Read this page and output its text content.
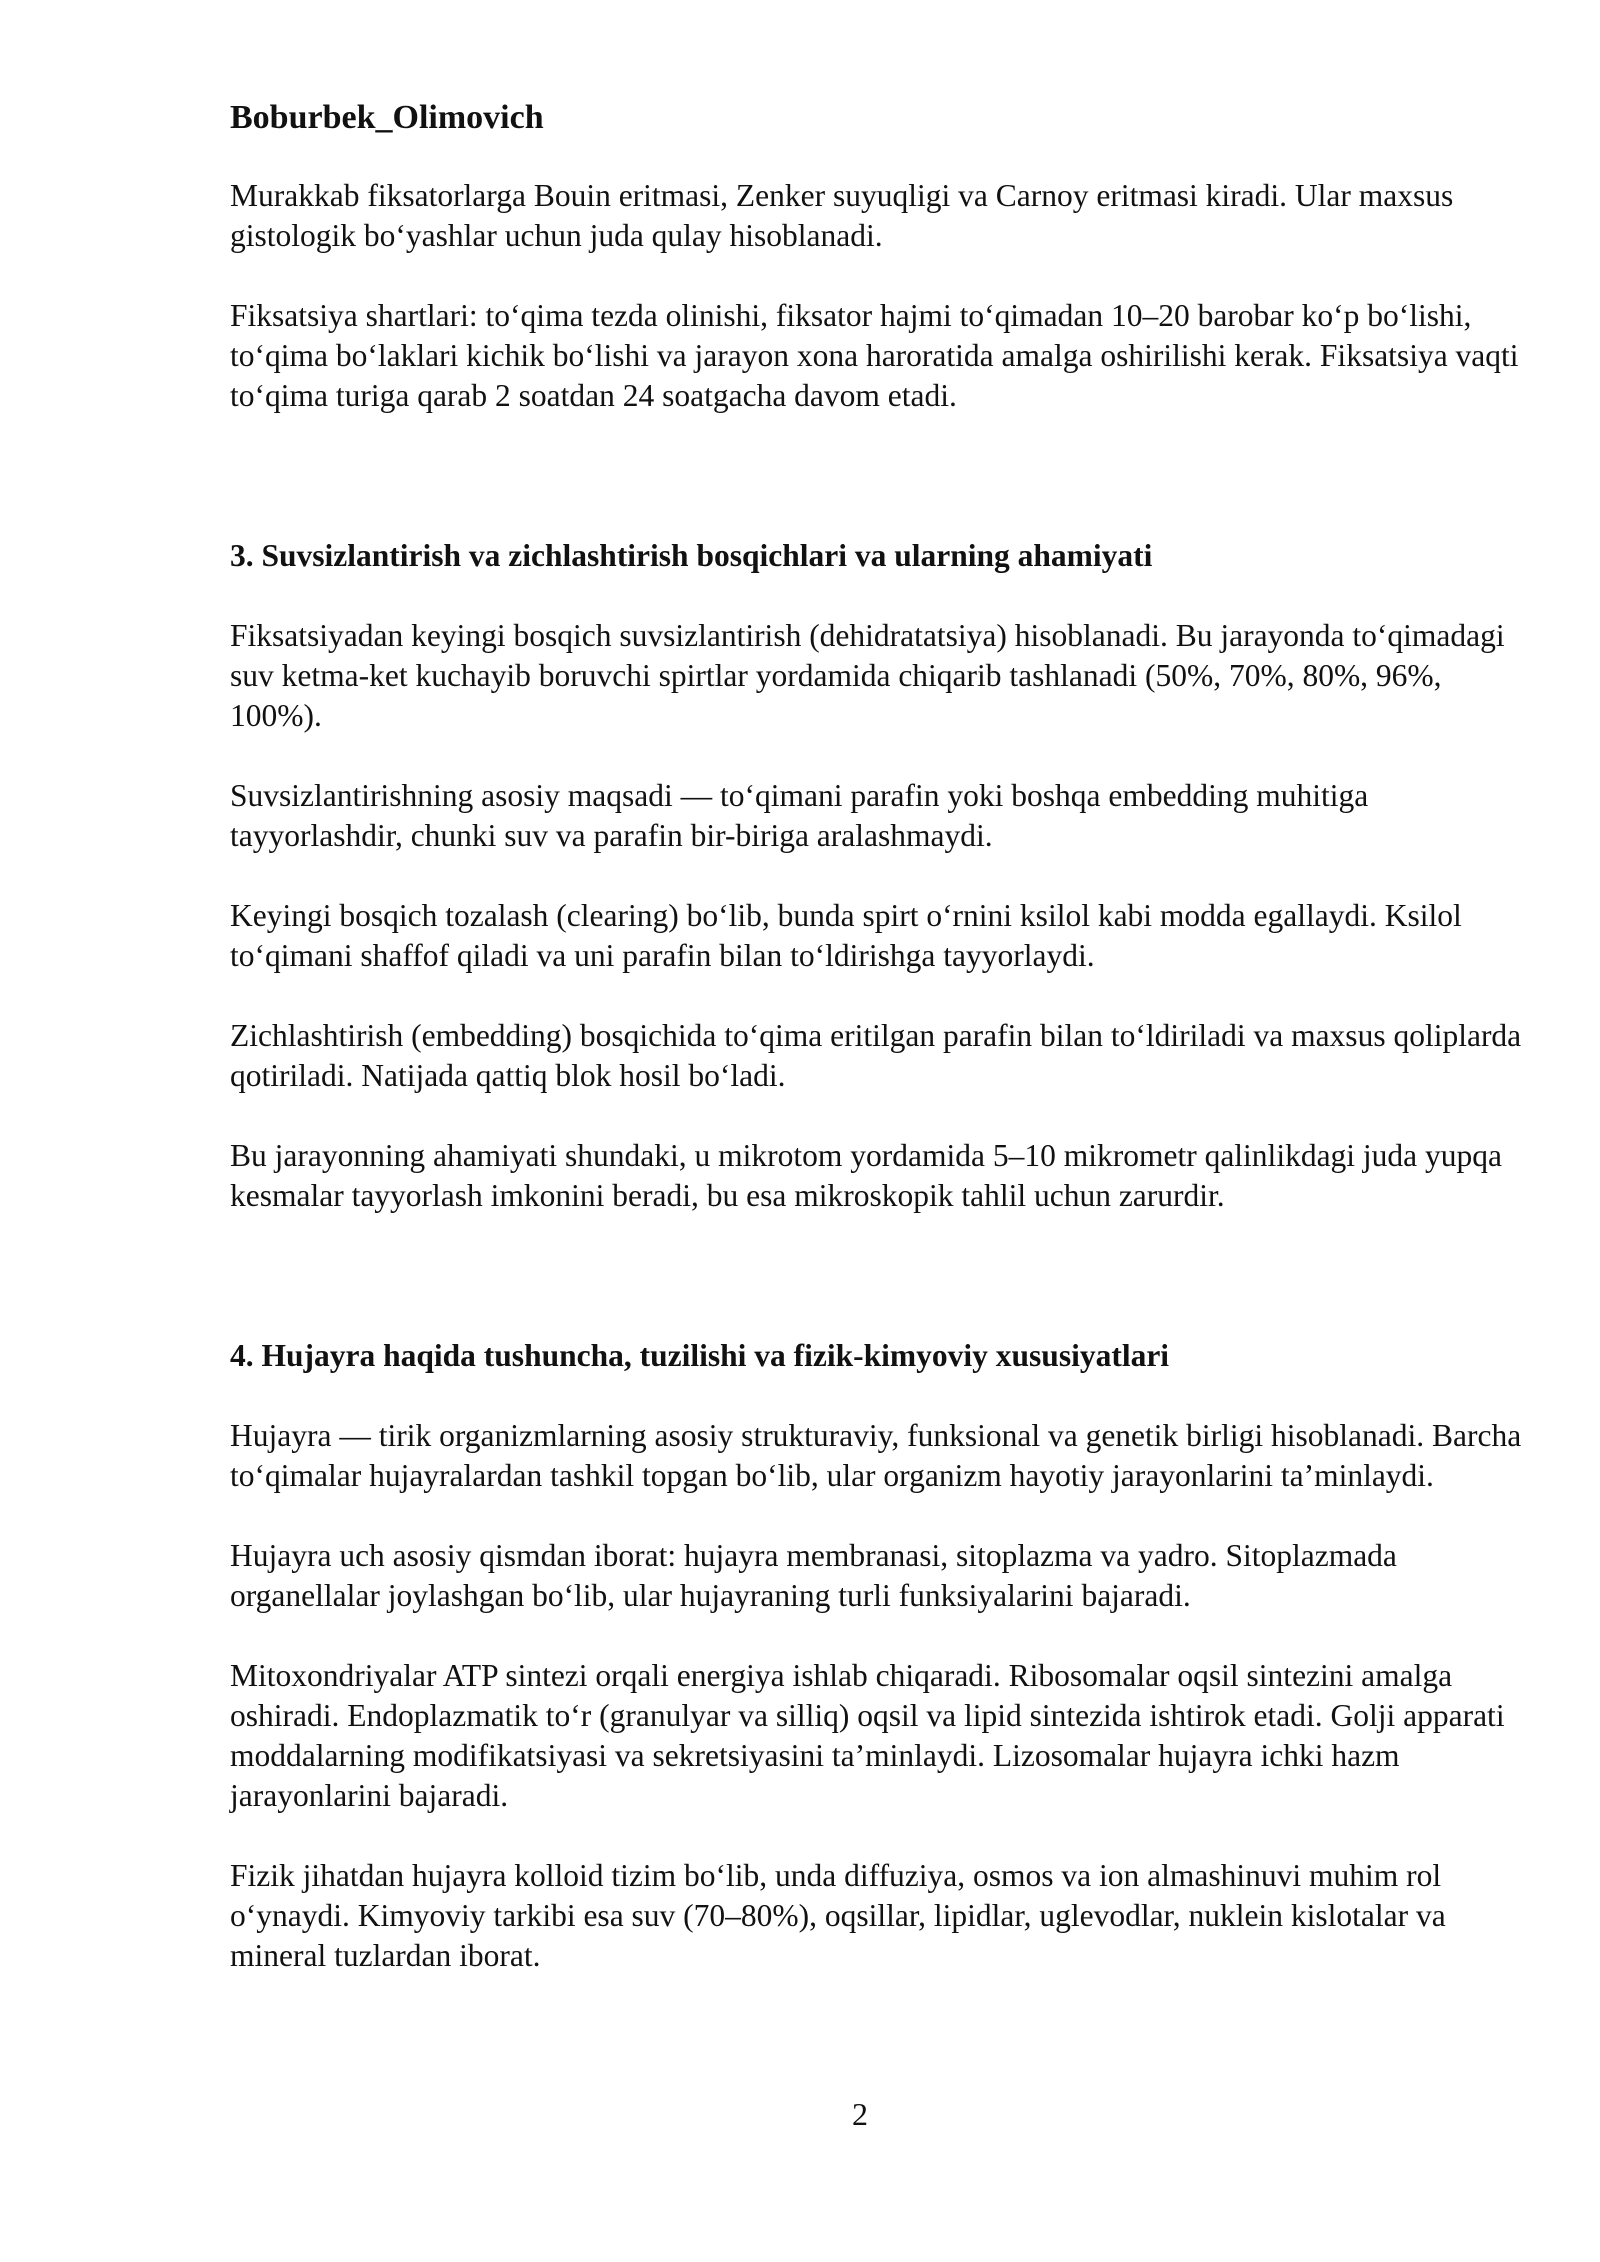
Boburbek_Olimovich

Murakkab fiksatorlarga Bouin eritmasi, Zenker suyuqligi va Carnoy eritmasi kiradi. Ular maxsus gistologik bo‘yashlar uchun juda qulay hisoblanadi.

Fiksatsiya shartlari: to‘qima tezda olinishi, fiksator hajmi to‘qimadan 10–20 barobar ko‘p bo‘lishi, to‘qima bo‘laklari kichik bo‘lishi va jarayon xona haroratida amalga oshirilishi kerak. Fiksatsiya vaqti to‘qima turiga qarab 2 soatdan 24 soatgacha davom etadi.

3. Suvsizlantirish va zichlashtirish bosqichlari va ularning ahamiyati

Fiksatsiyadan keyingi bosqich suvsizlantirish (dehidratatsiya) hisoblanadi. Bu jarayonda to‘qimadagi suv ketma-ket kuchayib boruvchi spirtlar yordamida chiqarib tashlanadi (50%, 70%, 80%, 96%, 100%).

Suvsizlantirishning asosiy maqsadi — to‘qimani parafin yoki boshqa embedding muhitiga tayyorlashdir, chunki suv va parafin bir-biriga aralashmaydi.

Keyingi bosqich tozalash (clearing) bo‘lib, bunda spirt o‘rnini ksilol kabi modda egallaydi. Ksilol to‘qimani shaffof qiladi va uni parafin bilan to‘ldirishga tayyorlaydi.

Zichlashtirish (embedding) bosqichida to‘qima eritilgan parafin bilan to‘ldiriladi va maxsus qoliplarda qotiriladi. Natijada qattiq blok hosil bo‘ladi.

Bu jarayonning ahamiyati shundaki, u mikrotom yordamida 5–10 mikrometr qalinlikdagi juda yupqa kesmalar tayyorlash imkonini beradi, bu esa mikroskopik tahlil uchun zarurdir.

4. Hujayra haqida tushuncha, tuzilishi va fizik-kimyoviy xususiyatlari

Hujayra — tirik organizmlarning asosiy strukturaviy, funksional va genetik birligi hisoblanadi. Barcha to‘qimalar hujayralardan tashkil topgan bo‘lib, ular organizm hayotiy jarayonlarini ta’minlaydi.

Hujayra uch asosiy qismdan iborat: hujayra membranasi, sitoplazma va yadro. Sitoplazmada organellalar joylashgan bo‘lib, ular hujayraning turli funksiyalarini bajaradi.

Mitoxondriyalar ATP sintezi orqali energiya ishlab chiqaradi. Ribosomalar oqsil sintezini amalga oshiradi. Endoplazmatik to‘r (granulyar va silliq) oqsil va lipid sintezida ishtirok etadi. Golji apparati moddalarning modifikatsiyasi va sekretsiyasini ta’minlaydi. Lizosomalar hujayra ichki hazm jarayonlarini bajaradi.

Fizik jihatdan hujayra kolloid tizim bo‘lib, unda diffuziya, osmos va ion almashinuvi muhim rol o‘ynaydi. Kimyoviy tarkibi esa suv (70–80%), oqsillar, lipidlar, uglevodlar, nuklein kislotalar va mineral tuzlardan iborat.

2
